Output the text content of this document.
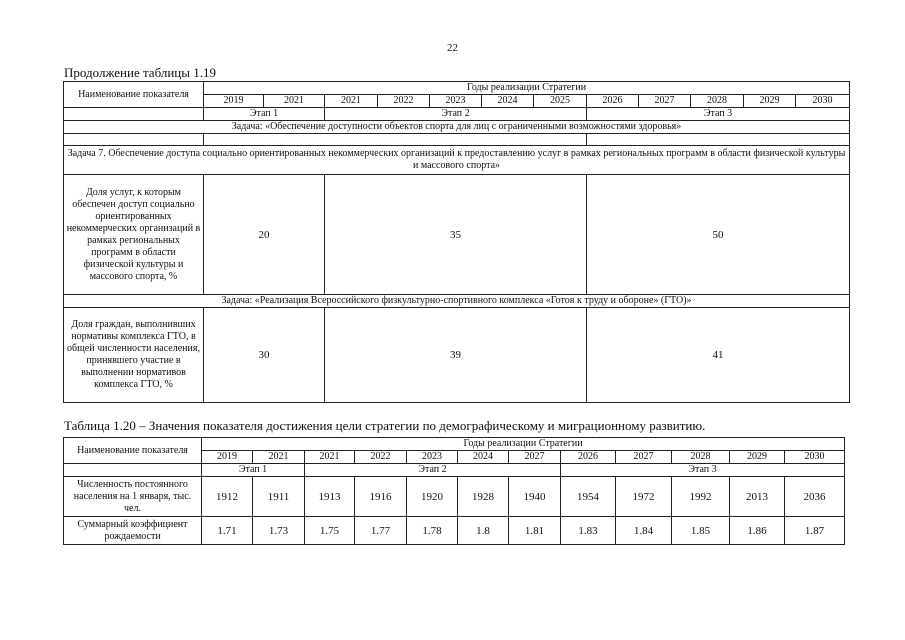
22
Продолжение таблицы 1.19
Наименование показателя	Годы реализации Стратегии											
	2019	2021	2021	2022	2023	2024	2025	2026	2027	2028	2029	2030
	Этап 1		Этап 2					Этап 3				
Задача: «Обеспечение доступности объектов спорта для лиц с ограниченными возможностями здоровья»												

Задача 7. Обеспечение доступа социально ориентированных некоммерческих организаций к предоставлению услуг в рамках региональных программ в области физической культуры и массового спорта»												
Доля услуг, к которым обеспечен доступ социально ориентированных некоммерческих организаций в рамках региональных программ в области физической культуры и массового спорта, %	20		35					50				
Задача: «Реализация Всероссийского физкультурно-спортивного комплекса «Готов к труду и обороне» (ГТО)»												
Доля граждан, выполнивших нормативы комплекса ГТО, в общей численности населения, принявшего участие в выполнении нормативов комплекса ГТО, %	30		39					41				
Таблица 1.20 – Значения показателя достижения цели стратегии по демографическому и миграционному развитию.
Наименование показателя	Годы реализации Стратегии											
	2019	2021	2021	2022	2023	2024	2027	2026	2027	2028	2029	2030
	Этап 1		Этап 2					Этап 3				
Численность постоянного населения на 1 января, тыс. чел.	1912	1911	1913	1916	1920	1928	1940	1954	1972	1992	2013	2036
Суммарный коэффициент рождаемости	1.71	1.73	1.75	1.77	1.78	1.8	1.81	1.83	1.84	1.85	1.86	1.87
